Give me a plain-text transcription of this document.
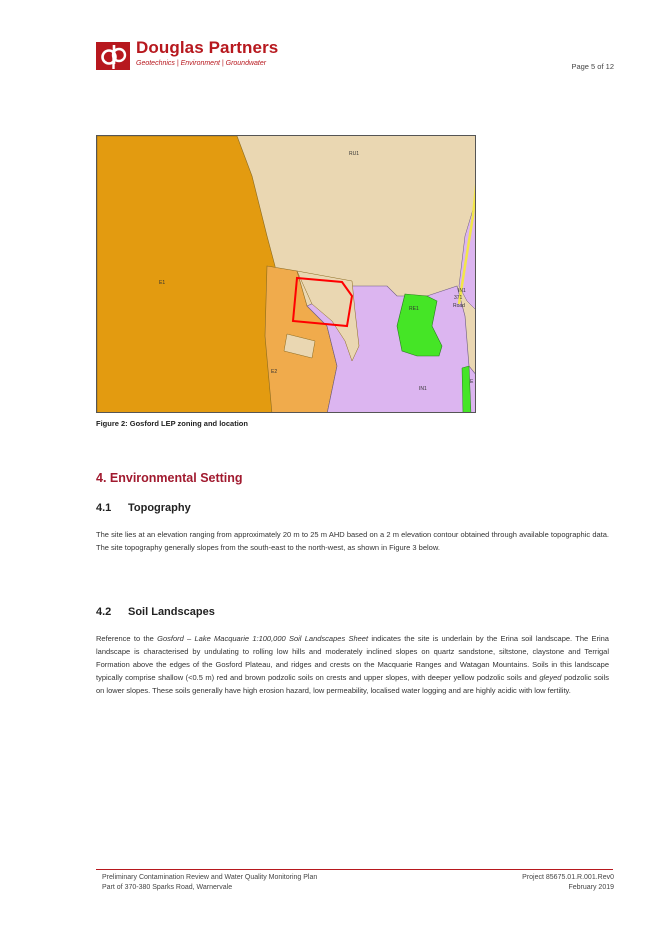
Douglas Partners
Geotechnics | Environment | Groundwater	Page 5 of 12
RU1
E1
E2
RE1
IN1
IN1
371
Road
E
Figure 2: Gosford LEP zoning and location
4. Environmental Setting
4.1 Topography
The site lies at an elevation ranging from approximately 20 m to 25 m AHD based on a 2 m elevation contour obtained through available topographic data. The site topography generally slopes from the south-east to the north-west, as shown in Figure 3 below.
4.2 Soil Landscapes
Reference to the Gosford – Lake Macquarie 1:100,000 Soil Landscapes Sheet indicates the site is underlain by the Erina soil landscape. The Erina landscape is characterised by undulating to rolling low hills and moderately inclined slopes on quartz sandstone, siltstone, claystone and Terrigal Formation above the edges of the Gosford Plateau, and ridges and crests on the Macquarie Ranges and Watagan Mountains. Soils in this landscape typically comprise shallow (<0.5 m) red and brown podzolic soils on crests and upper slopes, with deeper yellow podzolic soils and gleyed podzolic soils on lower slopes. These soils generally have high erosion hazard, low permeability, localised water logging and are highly acidic with low fertility.
Preliminary Contamination Review and Water Quality Monitoring Plan
Part of 370-380 Sparks Road, Warnervale
Project 85675.01.R.001.Rev0
February 2019
